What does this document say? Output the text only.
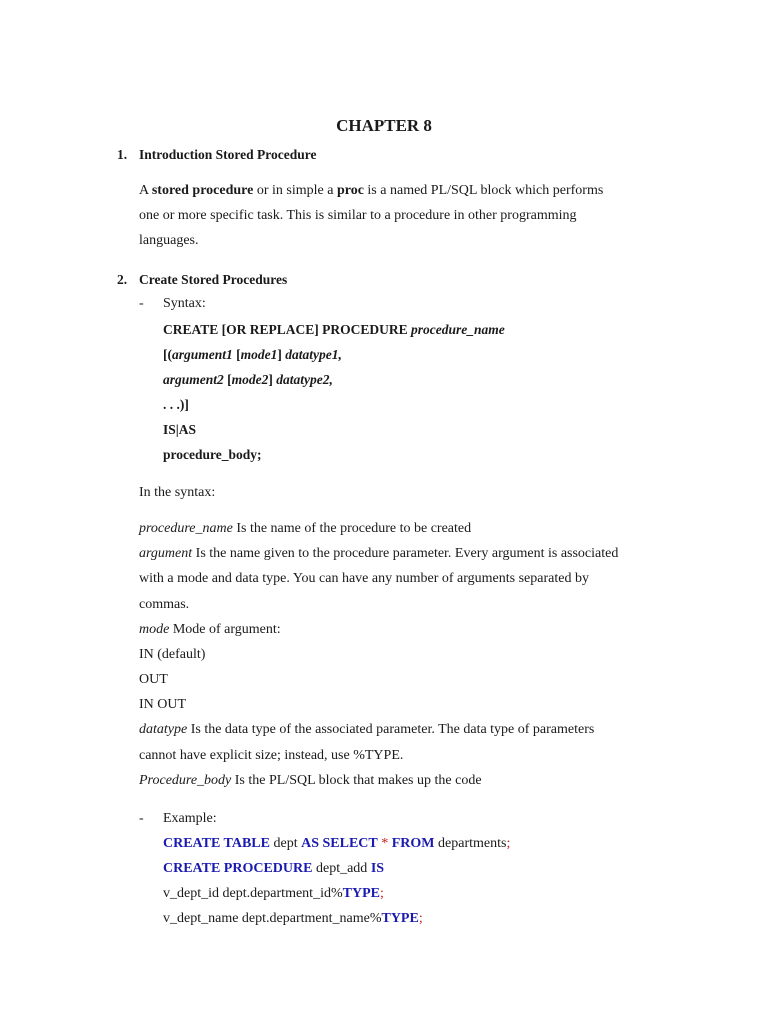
CHAPTER 8
1. Introduction Stored Procedure
A stored procedure or in simple a proc is a named PL/SQL block which performs
one or more specific task. This is similar to a procedure in other programming
languages.
2. Create Stored Procedures
- Syntax:
CREATE [OR REPLACE] PROCEDURE procedure_name
[(argument1 [mode1] datatype1,
argument2 [mode2] datatype2,
. . .)]
IS|AS
procedure_body;
In the syntax:
procedure_name Is the name of the procedure to be created
argument Is the name given to the procedure parameter. Every argument is associated
with a mode and data type. You can have any number of arguments separated by
commas.
mode Mode of argument:
IN (default)
OUT
IN OUT
datatype Is the data type of the associated parameter. The data type of parameters
cannot have explicit size; instead, use %TYPE.
Procedure_body Is the PL/SQL block that makes up the code
- Example:
CREATE TABLE dept AS SELECT * FROM departments;
CREATE PROCEDURE dept_add IS
v_dept_id dept.department_id%TYPE;
v_dept_name dept.department_name%TYPE;
